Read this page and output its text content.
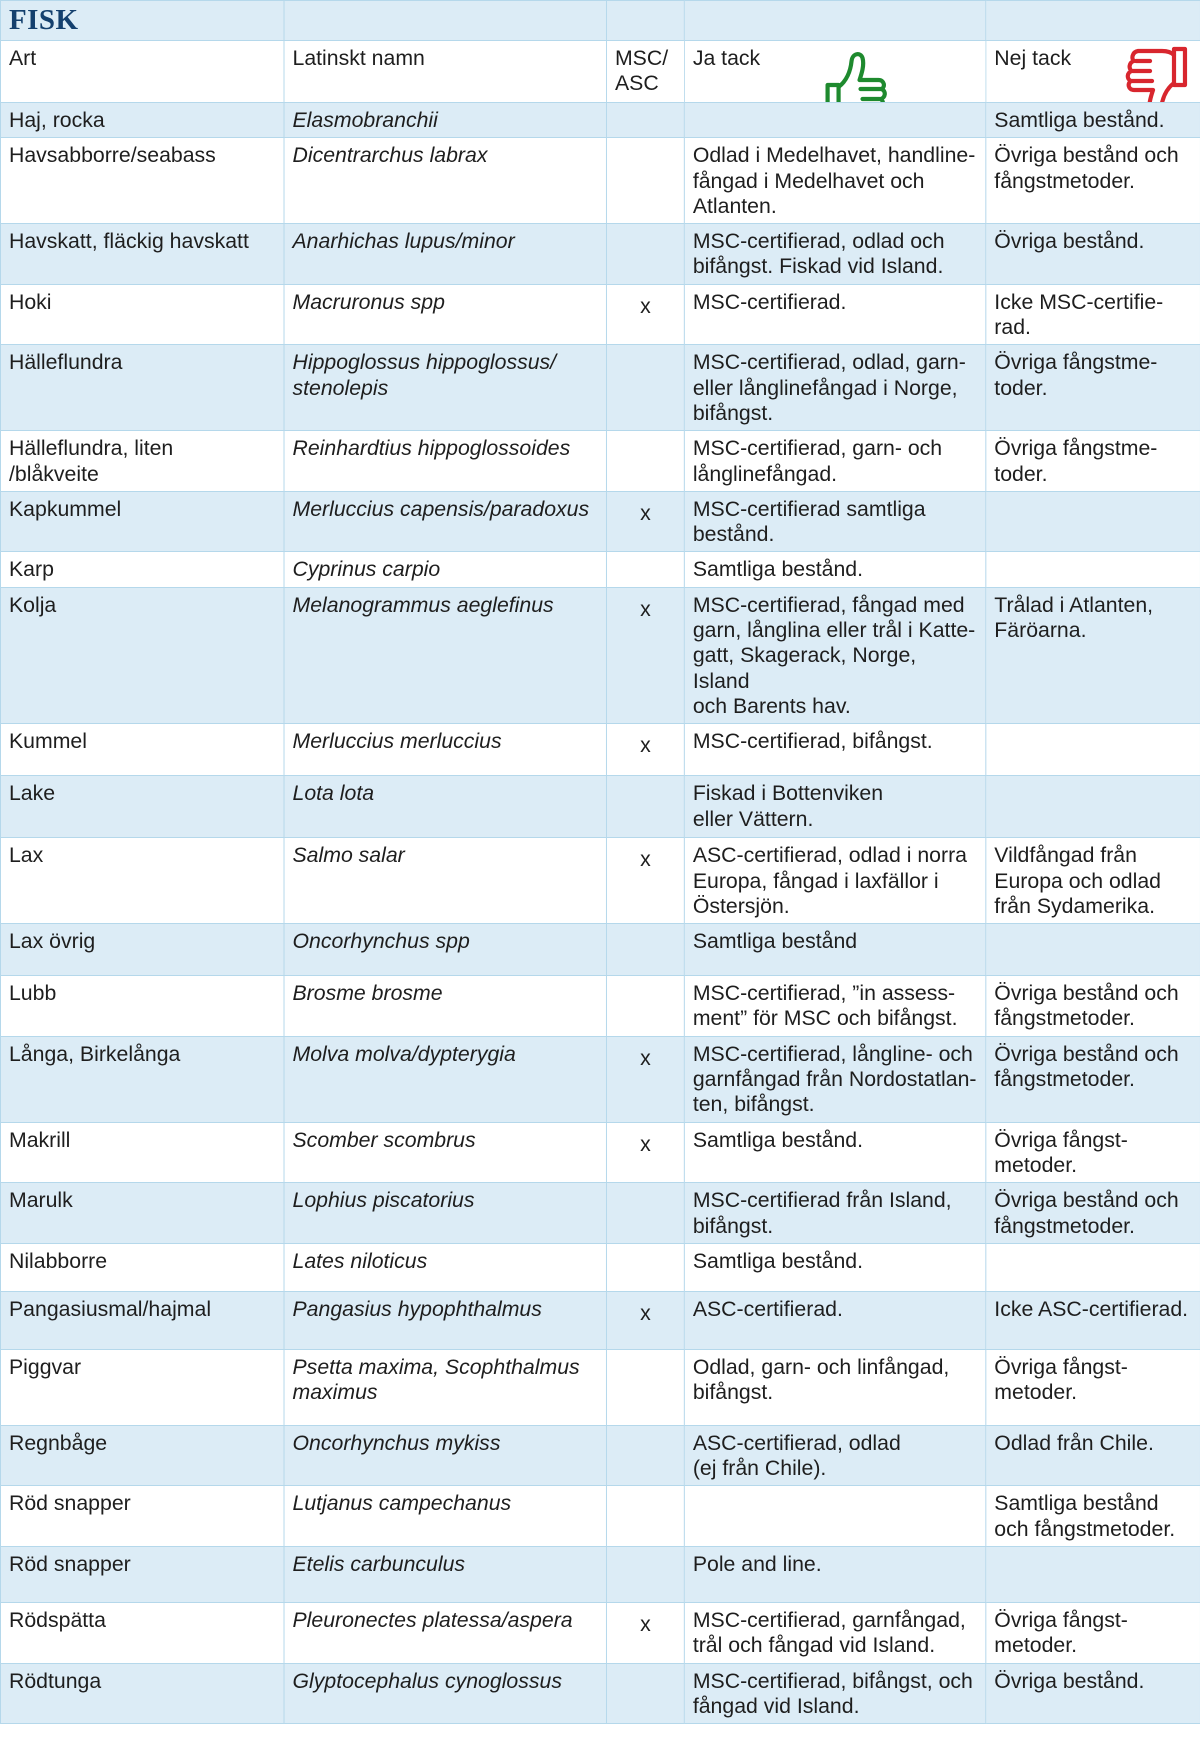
FISK				
Art	Latinskt namn	MSC/ ASC	Ja tack	Nej tack

Haj, rocka	Elasmobranchii			Samtliga bestånd.
Havsabborre/seabass	Dicentrarchus labrax		Odlad i Medelhavet, handline-
fångad i Medelhavet och
Atlanten.	Övriga bestånd och
fångstmetoder.
Havskatt, fläckig havskatt	Anarhichas lupus/minor		MSC-certifierad, odlad och
bifångst. Fiskad vid Island.	Övriga bestånd.
Hoki	Macruronus spp	x	MSC-certifierad.	Icke MSC-certifie-
rad.
Hälleflundra	Hippoglossus hippoglossus/
stenolepis		MSC-certifierad, odlad, garn-
eller långlinefångad i Norge,
bifångst.	Övriga fångstme-
toder.
Hälleflundra, liten
/blåkveite	Reinhardtius hippoglossoides		MSC-certifierad, garn- och
långlinefångad.	Övriga fångstme-
toder.
Kapkummel	Merluccius capensis/paradoxus	x	MSC-certifierad samtliga
bestånd.	
Karp	Cyprinus carpio		Samtliga bestånd.	
Kolja	Melanogrammus aeglefinus	x	MSC-certifierad, fångad med
garn, långlina eller trål i Katte-
gatt, Skagerack, Norge, Island
och Barents hav.	Trålad i Atlanten,
Färöarna.
Kummel	Merluccius merluccius	x	MSC-certifierad, bifångst.	
Lake	Lota lota		Fiskad i Bottenviken
eller Vättern.	
Lax	Salmo salar	x	ASC-certifierad, odlad i norra
Europa, fångad i laxfällor i
Östersjön.	Vildfångad från
Europa och odlad
från Sydamerika.
Lax övrig	Oncorhynchus spp		Samtliga bestånd	
Lubb	Brosme brosme		MSC-certifierad, ”in assess-
ment” för MSC och bifångst.	Övriga bestånd och
fångstmetoder.
Långa, Birkelånga	Molva molva/dypterygia	x	MSC-certifierad, långline- och
garnfångad från Nordostatlan-
ten, bifångst.	Övriga bestånd och
fångstmetoder.
Makrill	Scomber scombrus	x	Samtliga bestånd.	Övriga fångst-
metoder.
Marulk	Lophius piscatorius		MSC-certifierad från Island,
bifångst.	Övriga bestånd och
fångstmetoder.
Nilabborre	Lates niloticus		Samtliga bestånd.	
Pangasiusmal/hajmal	Pangasius hypophthalmus	x	ASC-certifierad.	Icke ASC-certifierad.
Piggvar	Psetta maxima, Scophthalmus
maximus		Odlad, garn- och linfångad,
bifångst.	Övriga fångst-
metoder.
Regnbåge	Oncorhynchus mykiss		ASC-certifierad, odlad
(ej från Chile).	Odlad från Chile.
Röd snapper	Lutjanus campechanus			Samtliga bestånd
och fångstmetoder.
Röd snapper	Etelis carbunculus		Pole and line.	
Rödspätta	Pleuronectes platessa/aspera	x	MSC-certifierad, garnfångad,
trål och fångad vid Island.	Övriga fångst-
metoder.
Rödtunga	Glyptocephalus cynoglossus		MSC-certifierad, bifångst, och
fångad vid Island.	Övriga bestånd.
